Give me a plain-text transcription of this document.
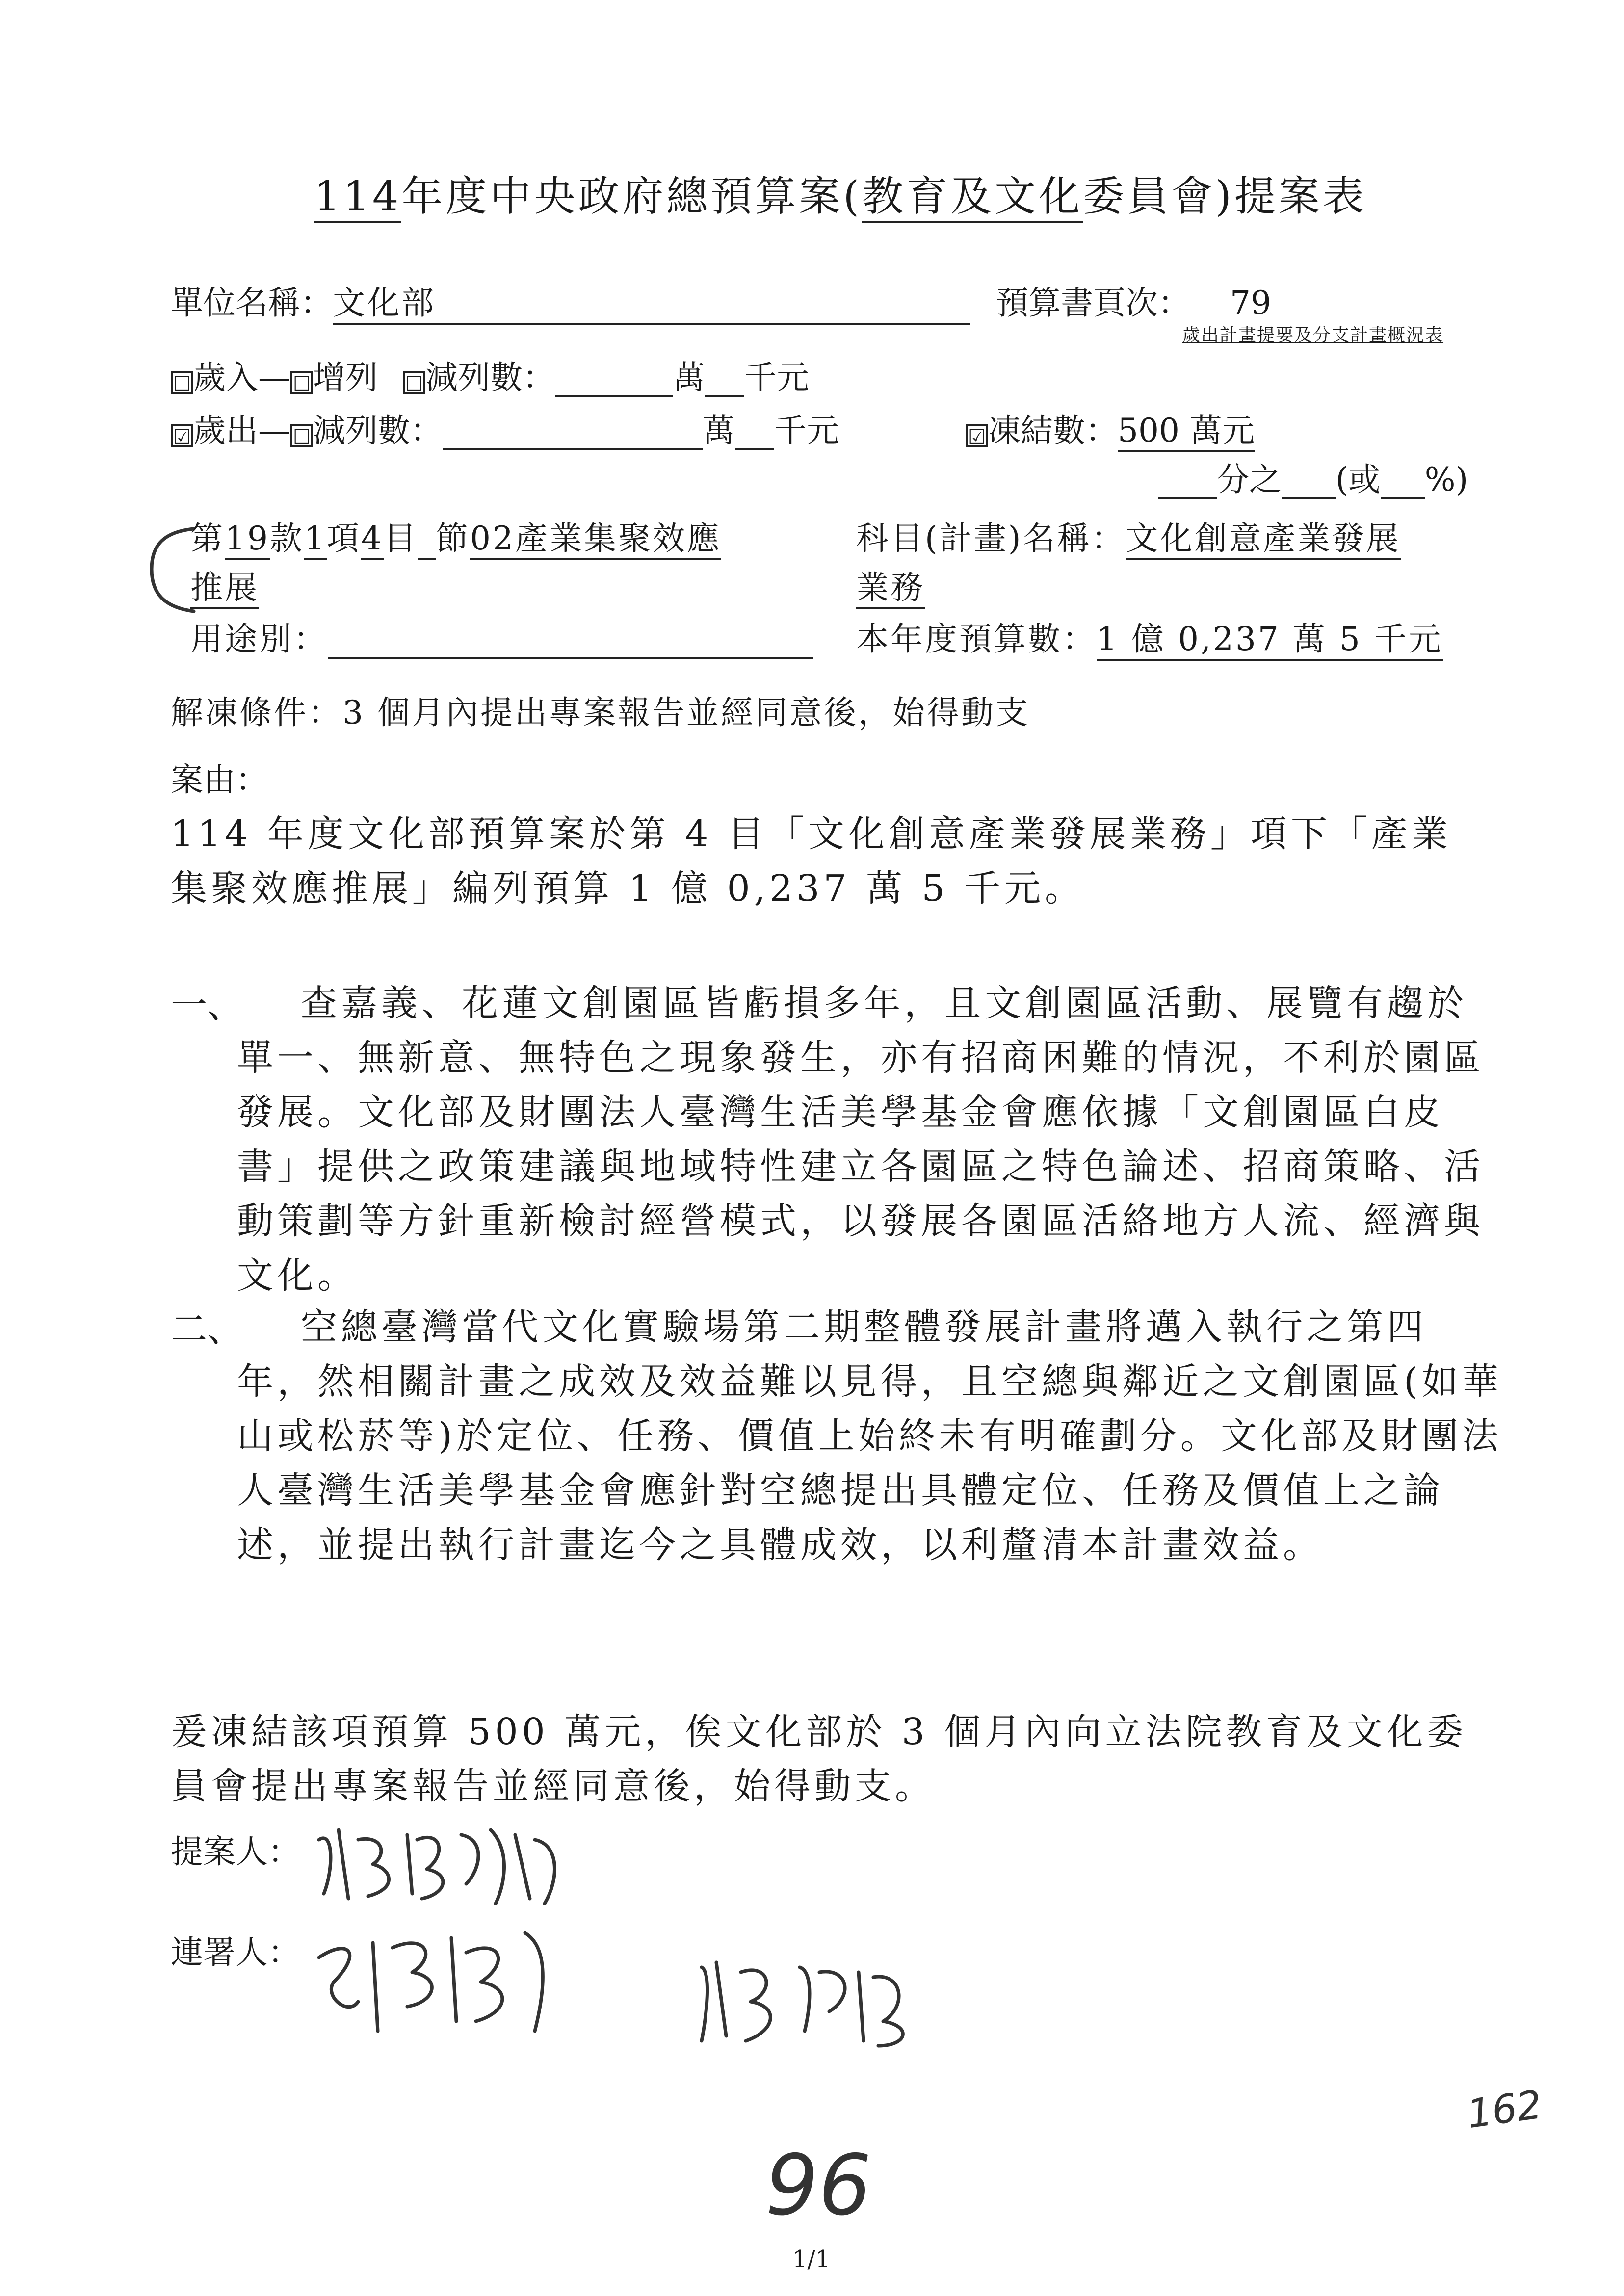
114年度中央政府總預算案(教育及文化委員會)提案表
單位名稱：文化部	預算書頁次： 79
歲出計畫提要及分支計畫概況表
☐歲入— ☐增列 ☐減列數：	萬 千元
☑歲出— ☐減列數：	萬 千元	☑凍結數：500 萬元
分之 (或 %)
第19款1項4目 節02產業集聚效應
推展
科目(計畫)名稱：文化創意產業發展
業務
用途別：	本年度預算數：1 億 0,237 萬 5 千元
解凍條件：3 個月內提出專案報告並經同意後，始得動支
案由：
114 年度文化部預算案於第 4 目「文化創意產業發展業務」項下「產業集聚效應推展」編列預算 1 億 0,237 萬 5 千元。
一、	查嘉義、花蓮文創園區皆虧損多年，且文創園區活動、展覽有趨於單一、無新意、無特色之現象發生，亦有招商困難的情況，不利於園區發展。文化部及財團法人臺灣生活美學基金會應依據「文創園區白皮書」提供之政策建議與地域特性建立各園區之特色論述、招商策略、活動策劃等方針重新檢討經營模式，以發展各園區活絡地方人流、經濟與文化。
二、	空總臺灣當代文化實驗場第二期整體發展計畫將邁入執行之第四年，然相關計畫之成效及效益難以見得，且空總與鄰近之文創園區(如華山或松菸等)於定位、任務、價值上始終未有明確劃分。文化部及財團法人臺灣生活美學基金會應針對空總提出具體定位、任務及價值上之論述，並提出執行計畫迄今之具體成效，以利釐清本計畫效益。
爰凍結該項預算 500 萬元，俟文化部於 3 個月內向立法院教育及文化委員會提出專案報告並經同意後，始得動支。
提案人：
陳培瑜
連署人：
柯志恩
陳秀寶
96
162
1/1
